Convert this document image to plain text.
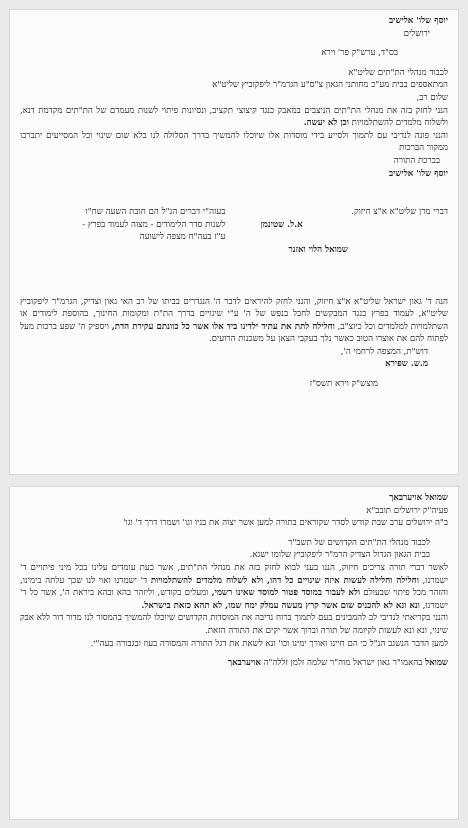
יוסף שלו' אלישיב

ירושלים

בס"ד, ערש"ק פר' וירא

לכבוד מנהלי הת"תים שליט"א

המתאספים בבית מע"כ מחותני הגאון צ"ס"ע הגרמ"ר ליפקוביץ שליט"א

שלום רב,

הנני לחזק בזה את מנהלי הת"תים הניצבים במאבק כנגד קיצוצי תקציב, ונסיונות פיתוי לשנות מעמדם של הת"תים מקדמת דנא, ולשלוח מלמדים להשתלמויות וכן לא יעשה.

והנני פונה לנדיבי עם לתמוך ולסייע בידי מוסדות אלו שיוכלו להמשיך בדרך הסלולה לנו בלא שום שינוי וכל המסייעים יתברכו ממקור הברכות

בברכת התורה

יוסף שלו' אלישיב

דברי מרן שליט"א א"צ חיזוק.

א.ל. שטינמן

בעזה"י דברים הנ"ל הם חובת השעה שח"ו

לשנות סדר הלימודים - מצוה לעמוד בפרץ -

ע"ז בעה"ח מצפה לישועה

שמואל הלוי ואזנר

הנה ד' גאון ישראל שליט"א א"צ חיזוק, והנני לחזק להיראים לדבר ה' הנגדרים בביתו של רב האי גאון וצדיק, הגרמ"ר ליפקוביץ שליט"א, לעמוד בפרץ כנגד המבקשים לחבל בנפש של ה' ע"י שינויים בדרך הת"ת ומקומות החינוך, בהוספת לימודים או השתלמויות למלמדים וכל כיוצ"ב, וחלילה לתת את עתיד ילדינו ביד אלו אשר כל כוונתם עקירת הדת, ויספיק ה' שפע ברכות מעל לפתוח להם את אוצרו הטוב כאשר נלך בעקבי הצאן על משכנות הרועים.

דוש"ת, המצפה לרחמי ה',

מ.ש. שפירא

מוצש"ק וירא תשס"ז

שמואל אויערבאך

פעיה"ק ירושלים תובב"א

ב"ה ירושלים ערב שבת קודש לסדר שקוראים בתורה למען אשר יצוה את בניו וגו' ושמרו דרך ד' וגו'

לכבוד מנהלי הת"תים הקדושים של תשב"ר

בבית הגאון הגדול הצדיק הרמ"ר ליפקוביץ שלומו ישגא.

לאשר דברי תורה צריכים חיזוק, הננו בעני לבוא לחזק בזה את מנהלי הת"תים, אשר כעת עומדים עלינו בכל מיני פיתויים ד' ישמרנו, וחלילה וחלילה לעשות איזה שינויים כל דהו, ולא לשלוח מלמדים להשתלמויות ד' ישמרנו ואוי לנו שכך עלתה בימינו, והזהר מכל פיתוי שבעולם ולא לעבור במוסד פטור למוסד שאינו רשמי, ומעלים בקודש, וליזהר בהא ובהא ביראת ה', אשר כל ד' ישמרנו, ונא ונא לא להכניס שום אשר קרץ מעשה עמלק ימח שמו, לא תהא כזאת בישראל.

והנני בקריאתי לנדיבי לב להמבינים בעם לתמוך ברוח נדיבה את המוסדות הקדושים שיוכלו להמשיך בהמסור לנו מדור דור ללא אבק שינוי, ונא ונא לעשות לקיומה של תורה וברוך אשר יקים את התורה הזאת.

למען הדבר הנשגב הנ"ל כי הם חיינו ואורך ימינו וכו' ונא לשאת את דגל התורה והמסורה בעוז ובגבורה בעה"י.

שמואל בהאמו"ר גאון ישראל מוה"ר שלמה זלמן זללה"ה אויערבאך
